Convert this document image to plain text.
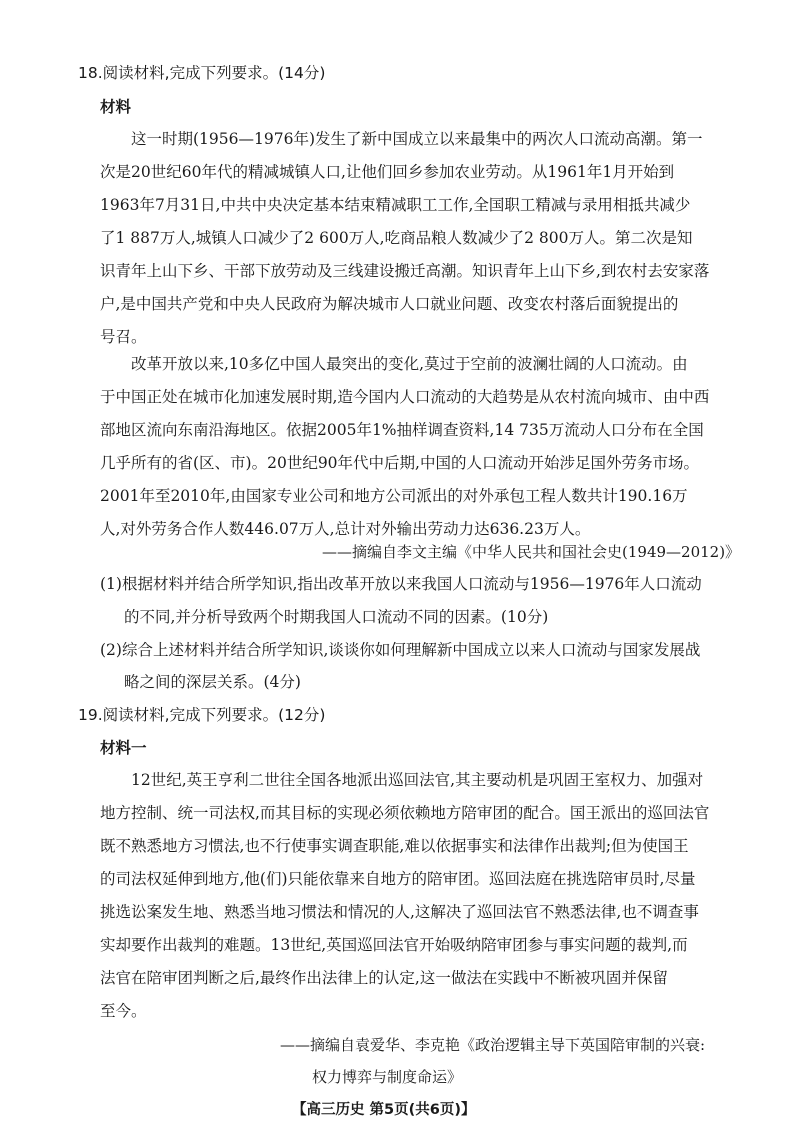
18.阅读材料,完成下列要求。(14分)
材料
这一时期(1956—1976年)发生了新中国成立以来最集中的两次人口流动高潮。第一
次是20世纪60年代的精减城镇人口,让他们回乡参加农业劳动。从1961年1月开始到
1963年7月31日,中共中央决定基本结束精减职工工作,全国职工精减与录用相抵共减少
了1 887万人,城镇人口减少了2 600万人,吃商品粮人数减少了2 800万人。第二次是知
识青年上山下乡、干部下放劳动及三线建设搬迁高潮。知识青年上山下乡,到农村去安家落
户,是中国共产党和中央人民政府为解决城市人口就业问题、改变农村落后面貌提出的
号召。
改革开放以来,10多亿中国人最突出的变化,莫过于空前的波澜壮阔的人口流动。由
于中国正处在城市化加速发展时期,造今国内人口流动的大趋势是从农村流向城市、由中西
部地区流向东南沿海地区。依据2005年1%抽样调查资料,14 735万流动人口分布在全国
几乎所有的省(区、市)。20世纪90年代中后期,中国的人口流动开始涉足国外劳务市场。
2001年至2010年,由国家专业公司和地方公司派出的对外承包工程人数共计190.16万
人,对外劳务合作人数446.07万人,总计对外输出劳动力达636.23万人。
——摘编自李文主编《中华人民共和国社会史(1949—2012)》
(1)根据材料并结合所学知识,指出改革开放以来我国人口流动与1956—1976年人口流动
的不同,并分析导致两个时期我国人口流动不同的因素。(10分)
(2)综合上述材料并结合所学知识,谈谈你如何理解新中国成立以来人口流动与国家发展战
略之间的深层关系。(4分)
19.阅读材料,完成下列要求。(12分)
材料一
12世纪,英王亨利二世往全国各地派出巡回法官,其主要动机是巩固王室权力、加强对
地方控制、统一司法权,而其目标的实现必须依赖地方陪审团的配合。国王派出的巡回法官
既不熟悉地方习惯法,也不行使事实调查职能,难以依据事实和法律作出裁判;但为使国王
的司法权延伸到地方,他(们)只能依靠来自地方的陪审团。巡回法庭在挑选陪审员时,尽量
挑选讼案发生地、熟悉当地习惯法和情况的人,这解决了巡回法官不熟悉法律,也不调查事
实却要作出裁判的难题。13世纪,英国巡回法官开始吸纳陪审团参与事实问题的裁判,而
法官在陪审团判断之后,最终作出法律上的认定,这一做法在实践中不断被巩固并保留
至今。
——摘编自袁爱华、李克艳《政治逻辑主导下英国陪审制的兴衰:
权力博弈与制度命运》
【高三历史 第5页(共6页)】
